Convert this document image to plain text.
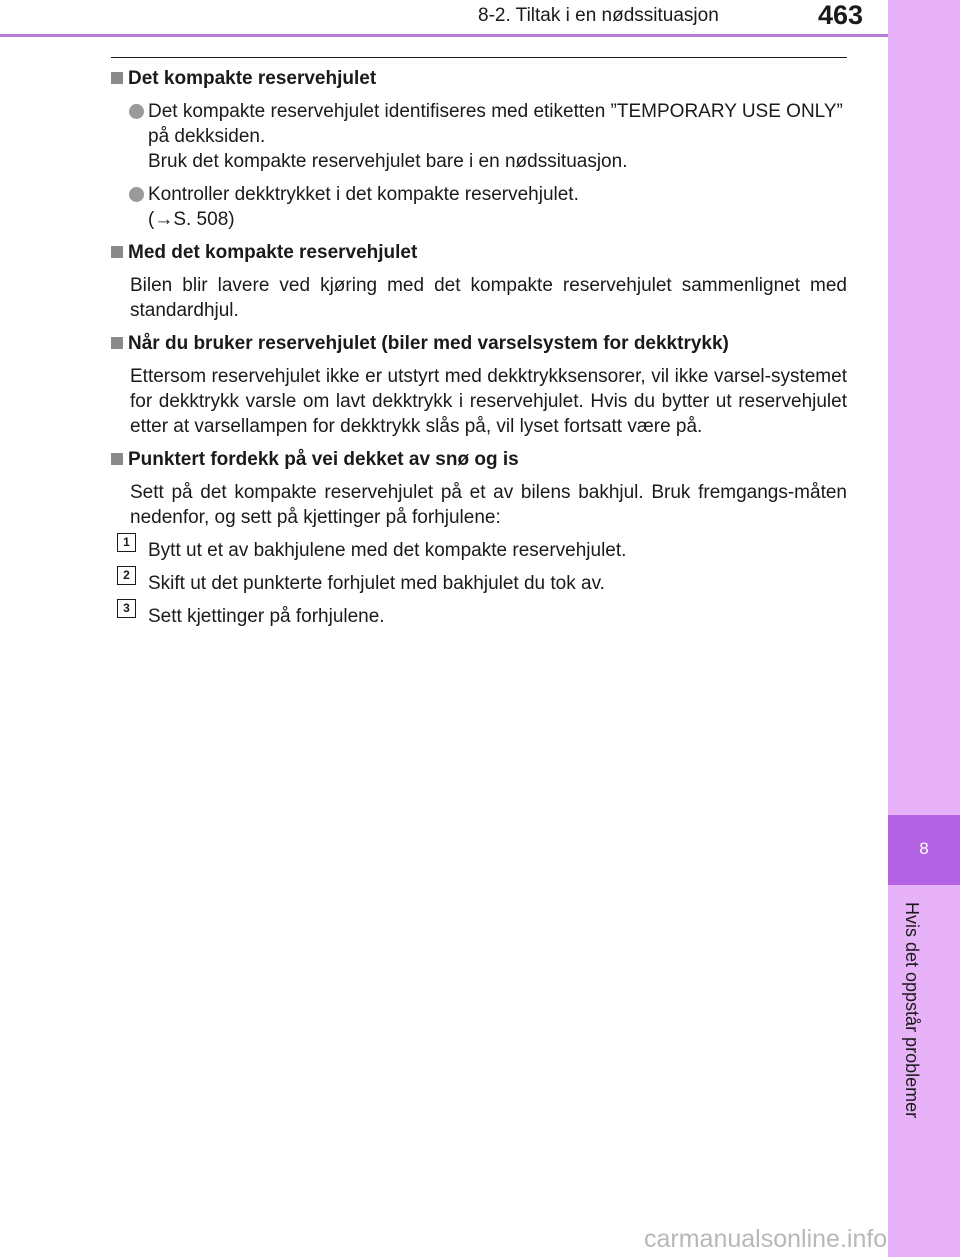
8-2. Tiltak i en nødssituasjon	463
8
Hvis det oppstår problemer
Det kompakte reservehjulet
Det kompakte reservehjulet identifiseres med etiketten ”TEMPORARY USE ONLY” på dekksiden.
Bruk det kompakte reservehjulet bare i en nødssituasjon.
Kontroller dekktrykket i det kompakte reservehjulet.
(→S. 508)
Med det kompakte reservehjulet
Bilen blir lavere ved kjøring med det kompakte reservehjulet sammenlignet med standardhjul.
Når du bruker reservehjulet (biler med varselsystem for dekktrykk)
Ettersom reservehjulet ikke er utstyrt med dekktrykksensorer, vil ikke varsel-systemet for dekktrykk varsle om lavt dekktrykk i reservehjulet. Hvis du bytter ut reservehjulet etter at varsellampen for dekktrykk slås på, vil lyset fortsatt være på.
Punktert fordekk på vei dekket av snø og is
Sett på det kompakte reservehjulet på et av bilens bakhjul. Bruk fremgangs-måten nedenfor, og sett på kjettinger på forhjulene:
1 Bytt ut et av bakhjulene med det kompakte reservehjulet.
2 Skift ut det punkterte forhjulet med bakhjulet du tok av.
3 Sett kjettinger på forhjulene.
carmanualsonline.info
